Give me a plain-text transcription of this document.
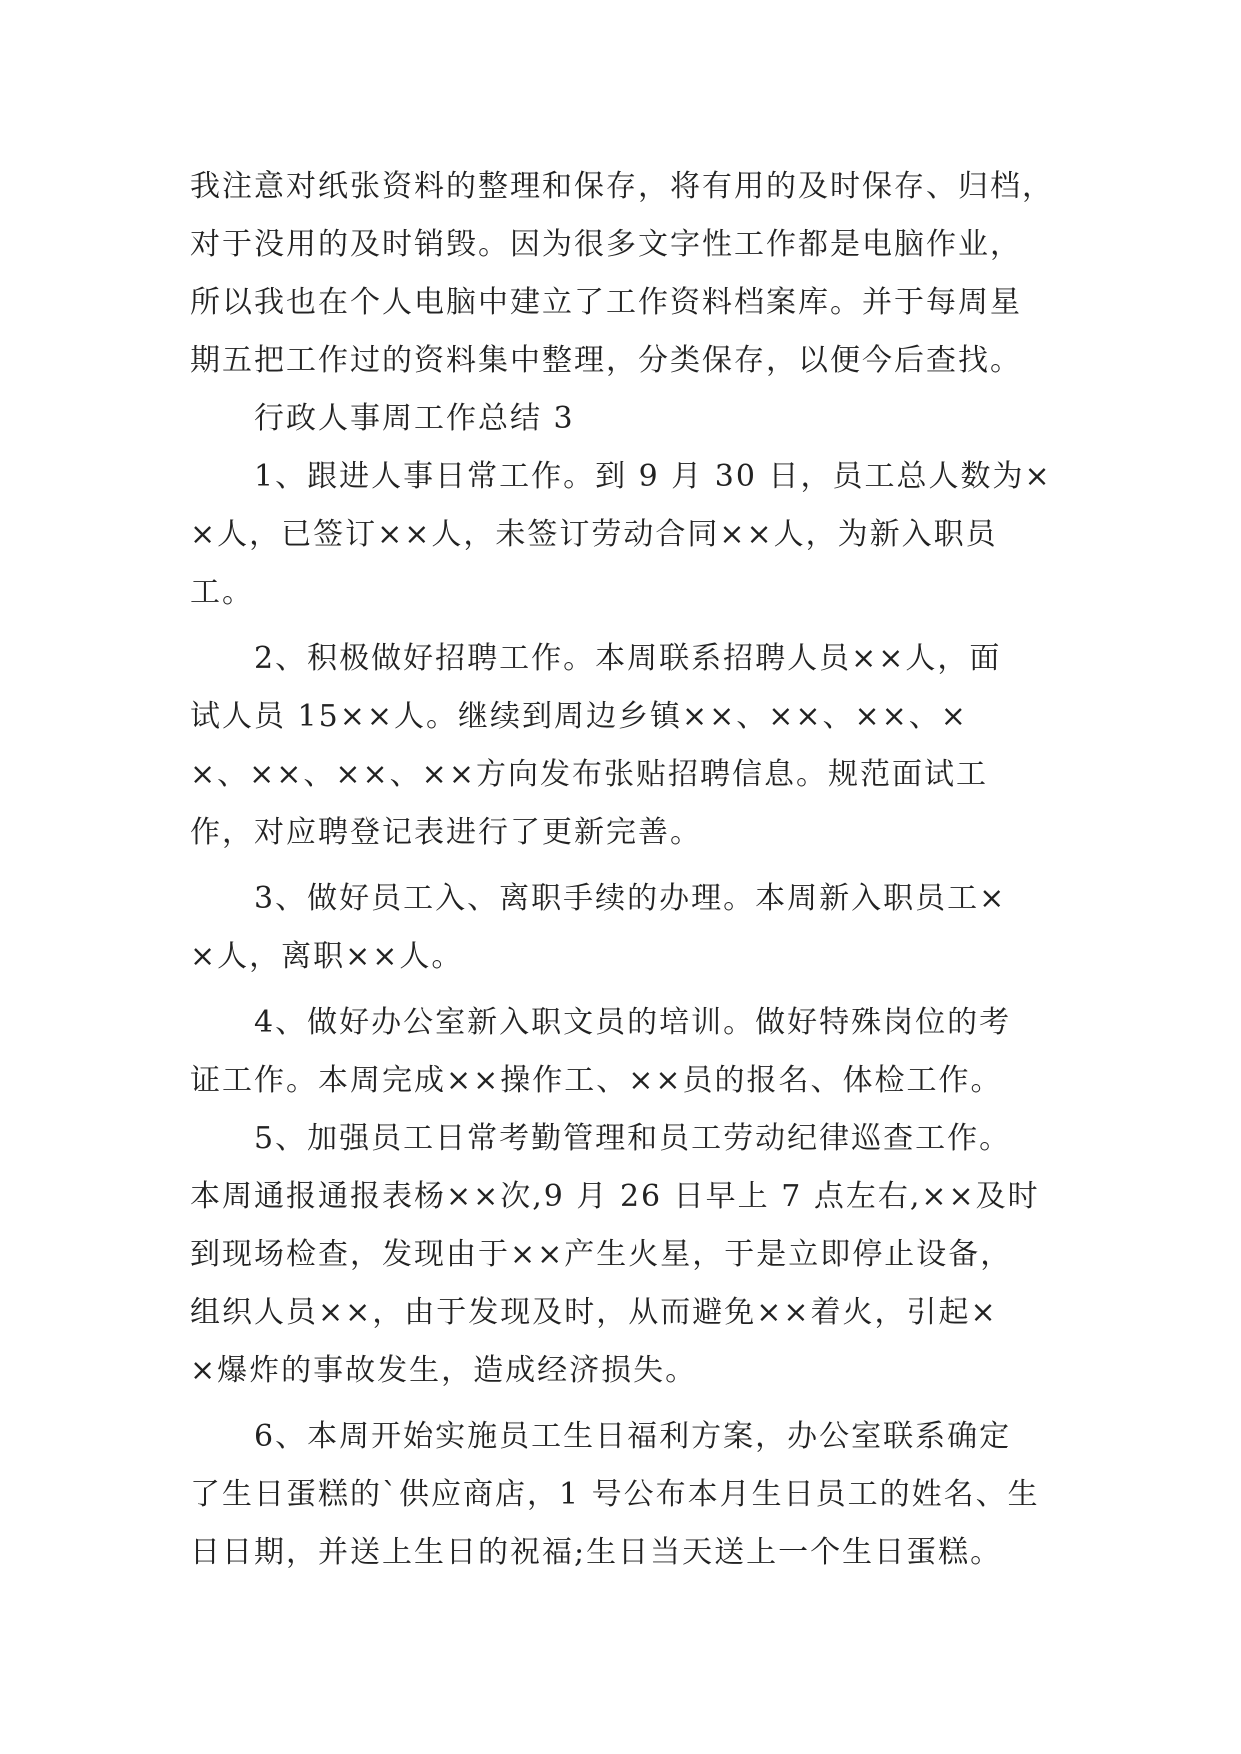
我注意对纸张资料的整理和保存，将有用的及时保存、归档，

对于没用的及时销毁。因为很多文字性工作都是电脑作业，

所以我也在个人电脑中建立了工作资料档案库。并于每周星

期五把工作过的资料集中整理，分类保存，以便今后查找。

　　行政人事周工作总结 3

　　1、跟进人事日常工作。到 9 月 30 日，员工总人数为×

×人，已签订××人，未签订劳动合同××人，为新入职员

工。

　　2、积极做好招聘工作。本周联系招聘人员××人，面

试人员 15××人。继续到周边乡镇××、××、××、×

×、××、××、××方向发布张贴招聘信息。规范面试工

作，对应聘登记表进行了更新完善。

　　3、做好员工入、离职手续的办理。本周新入职员工×

×人，离职××人。

　　4、做好办公室新入职文员的培训。做好特殊岗位的考

证工作。本周完成××操作工、××员的报名、体检工作。

　　5、加强员工日常考勤管理和员工劳动纪律巡查工作。

本周通报通报表杨××次,9 月 26 日早上 7 点左右,××及时

到现场检查，发现由于××产生火星，于是立即停止设备，

组织人员××，由于发现及时，从而避免××着火，引起×

×爆炸的事故发生，造成经济损失。

　　6、本周开始实施员工生日福利方案，办公室联系确定

了生日蛋糕的`供应商店，1 号公布本月生日员工的姓名、生

日日期，并送上生日的祝福;生日当天送上一个生日蛋糕。
